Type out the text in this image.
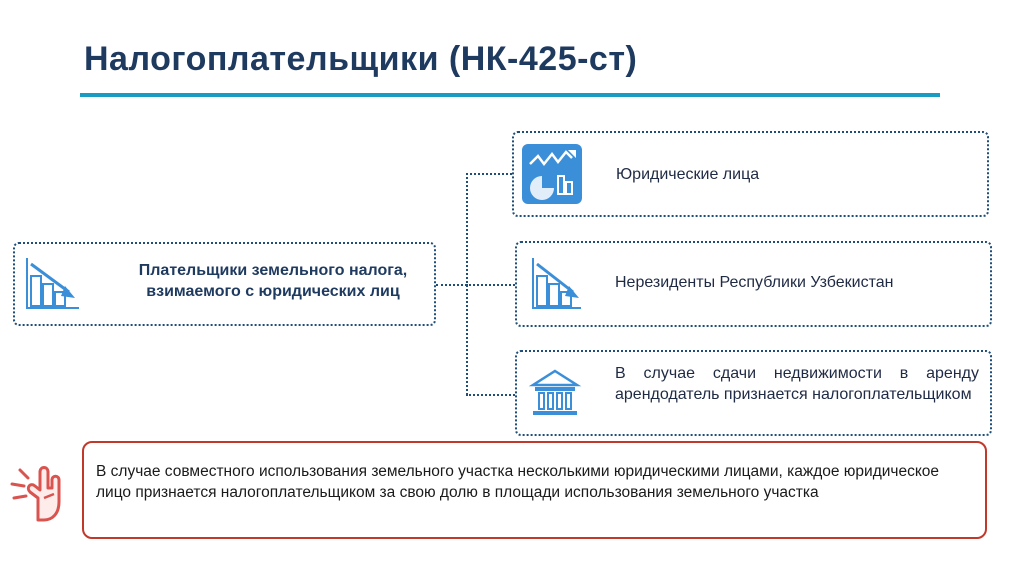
Налогоплательщики (НК-425-ст)
Плательщики земельного налога, взимаемого с юридических лиц
Юридические лица
Нерезиденты Республики Узбекистан
В случае сдачи недвижимости в аренду арендодатель признается налогоплательщиком
В случае совместного использования земельного участка несколькими юридическими лицами, каждое юридическое лицо признается налогоплательщиком за свою долю в площади использования земельного участка
